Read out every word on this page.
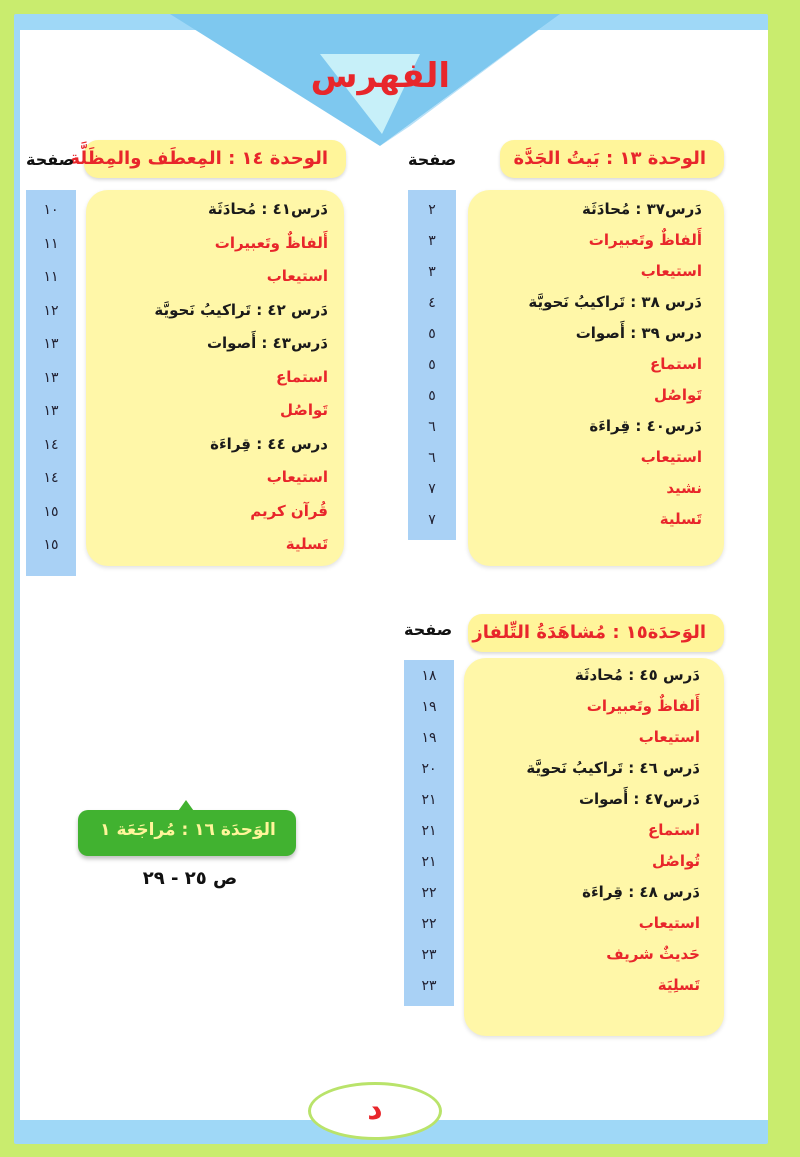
الفهرس
الوحدة ١٣ : بَيتُ الجَدَّة
صفحة
الوحدة ١٤ : المِعطَف والمِظَلَّة
صفحة
الوَحدَة١٥ : مُشاهَدَةُ التِّلفاز
صفحة
الوَحدَة ١٦ : مُراجَعَة ١
ص ٢٥ - ٢٩
د
دَرس٣٧ : مُحادَثَة
٢
أَلفاظٌ وتَعبيرات
٣
استيعاب
٣
دَرس ٣٨ : تَراكيبُ نَحويَّة
٤
درس ٣٩ : أَصوات
٥
استماع
٥
تَواصُل
٥
دَرس٤٠ : قِراءَة
٦
استيعاب
٦
نشيد
٧
تَسلية
٧
دَرس٤١ : مُحادَثَة
١٠
أَلفاظٌ وتَعبيرات
١١
استيعاب
١١
دَرس ٤٢ : تَراكيبُ نَحويَّة
١٢
دَرس٤٣ : أَصوات
١٣
استماع
١٣
تَواصُل
١٣
درس ٤٤ : قِراءَة
١٤
استيعاب
١٤
قُرآن كريم
١٥
تَسلية
١٥
دَرس ٤٥ : مُحادثَة
١٨
أَلفاظٌ وتَعبيرات
١٩
استيعاب
١٩
دَرس ٤٦ : تَراكيبُ نَحويَّة
٢٠
دَرس٤٧ : أَصوات
٢١
استماع
٢١
تُواصُل
٢١
دَرس ٤٨ : قِراءَة
٢٢
استيعاب
٢٢
حَديثٌ شريف
٢٣
تَسلِيَة
٢٣
